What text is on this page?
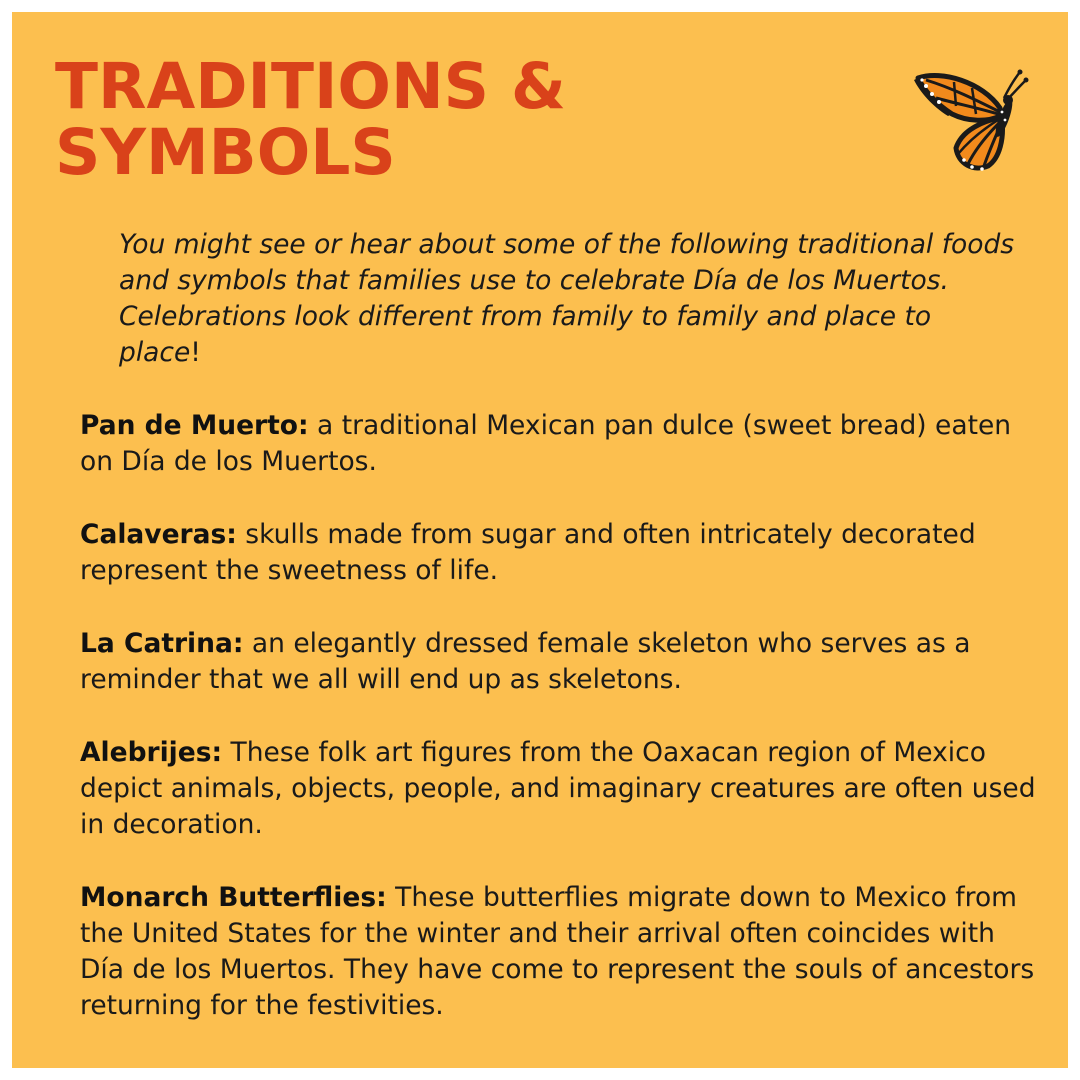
TRADITIONS &
SYMBOLS

You might see or hear about some of the following traditional foods and symbols that families use to celebrate Día de los Muertos. Celebrations look different from family to family and place to place!

Pan de Muerto: a traditional Mexican pan dulce (sweet bread) eaten on Día de los Muertos.

Calaveras: skulls made from sugar and often intricately decorated represent the sweetness of life.

La Catrina: an elegantly dressed female skeleton who serves as a reminder that we all will end up as skeletons.

Alebrijes: These folk art figures from the Oaxacan region of Mexico depict animals, objects, people, and imaginary creatures are often used in decoration.

Monarch Butterflies: These butterflies migrate down to Mexico from the United States for the winter and their arrival often coincides with Día de los Muertos. They have come to represent the souls of ancestors returning for the festivities.
